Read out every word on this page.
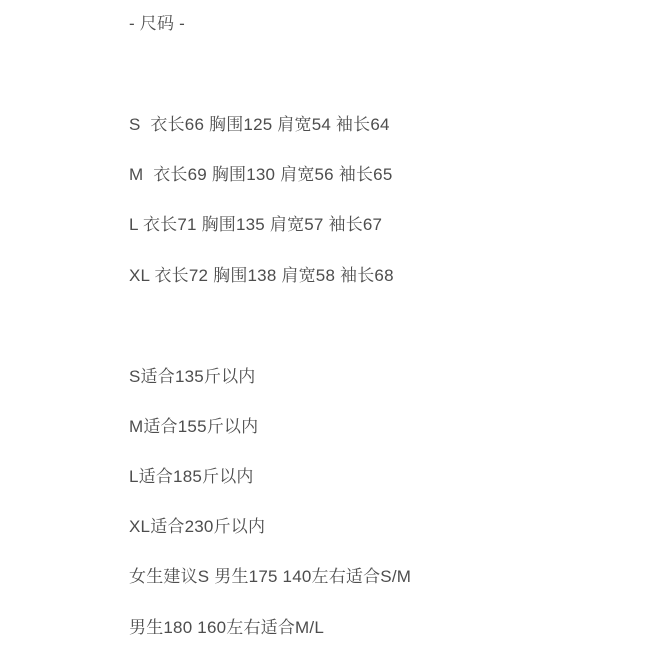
- 尺码 -
S  衣长66 胸围125 肩宽54 袖长64
M  衣长69 胸围130 肩宽56 袖长65
L 衣长71 胸围135 肩宽57 袖长67
XL 衣长72 胸围138 肩宽58 袖长68
S适合135斤以内
M适合155斤以内
L适合185斤以内
XL适合230斤以内
女生建议S 男生175 140左右适合S/M
男生180 160左右适合M/L
